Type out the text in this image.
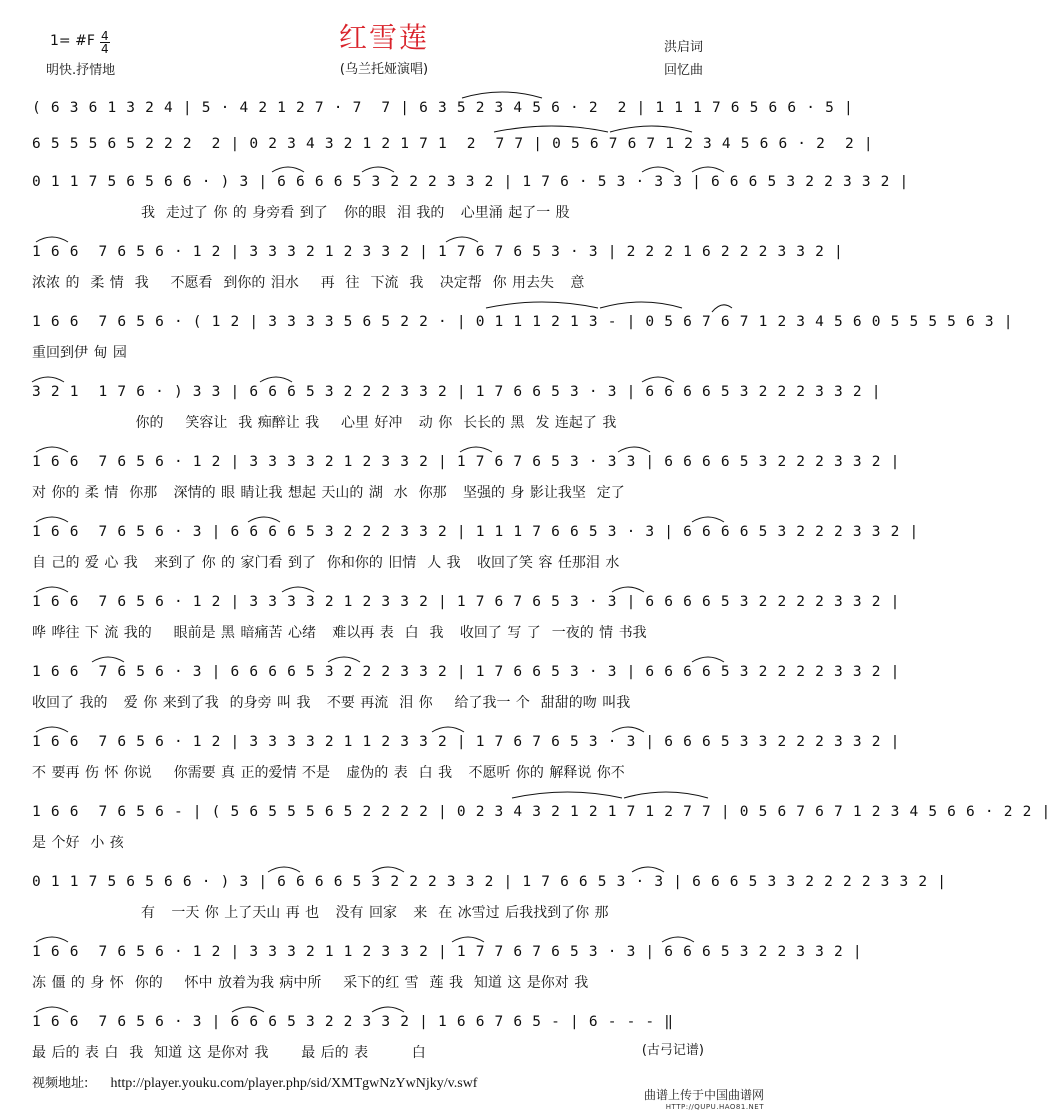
红雪莲
(乌兰托娅演唱)
1= #F $\frac{4}{4}$
明快.抒情地
洪启词
回忆曲
( 6 3 6 1 3 2 4 | 5 · 4 2 1 2 7 · 7  7 | 6 3 5 2 3 4 5 6 · 2  2 | 1 1 1 7 6 5 6 6 · 5 |
6 5 5 5 6 5 2 2 2  2 | 0 2 3 4 3 2 1 2 1 7 1  2  7 7 | 0 5 6 7 6 7 1 2 3 4 5 6 6 · 2  2 |
0 1 1 7 5 6 5 6 6 · ) 3 | 6 6 6 6 5 3 2 2 2 3 3 2 | 1 7 6 · 5 3 · 3 3 | 6 6 6 5 3 2 2 3 3 2 |
我  走过了 你 的 身旁看 到了   你的眼  泪 我的   心里涌 起了一 股
1 6 6  7 6 5 6 · 1 2 | 3 3 3 2 1 2 3 3 2 | 1 7 6 7 6 5 3 · 3 | 2 2 2 1 6 2 2 2 3 3 2 |
浓浓 的  柔 情  我    不愿看  到你的 泪水    再  往  下流  我   决定帮  你 用去失   意
1 6 6  7 6 5 6 · ( 1 2 | 3 3 3 3 5 6 5 2 2 · | 0 1 1 1 2 1 3 - | 0 5 6 7 6 7 1 2 3 4 5 6 0 5 5 5 5 6 3 |
重回到伊 甸 园
3 2 1  1 7 6 · ) 3 3 | 6 6 6 5 3 2 2 2 3 3 2 | 1 7 6 6 5 3 · 3 | 6 6 6 6 5 3 2 2 2 3 3 2 |
你的    笑容让  我 痴醉让 我    心里 好冲   动 你  长长的 黑  发 连起了 我
1 6 6  7 6 5 6 · 1 2 | 3 3 3 3 2 1 2 3 3 2 | 1 7 6 7 6 5 3 · 3 3 | 6 6 6 6 5 3 2 2 2 3 3 2 |
对 你的 柔 情  你那   深情的 眼 睛让我 想起 天山的 湖  水  你那   坚强的 身 影让我坚  定了
1 6 6  7 6 5 6 · 3 | 6 6 6 6 5 3 2 2 2 3 3 2 | 1 1 1 7 6 6 5 3 · 3 | 6 6 6 6 5 3 2 2 2 3 3 2 |
自 己的 爱 心 我   来到了 你 的 家门看 到了  你和你的 旧情  人 我   收回了笑 容 任那泪 水
1 6 6  7 6 5 6 · 1 2 | 3 3 3 3 2 1 2 3 3 2 | 1 7 6 7 6 5 3 · 3 | 6 6 6 6 5 3 2 2 2 2 3 3 2 |
哗 哗往 下 流 我的    眼前是 黑 暗痛苦 心绪   难以再 表  白  我   收回了 写 了  一夜的 情 书我
1 6 6  7 6 5 6 · 3 | 6 6 6 6 5 3 2 2 2 3 3 2 | 1 7 6 6 5 3 · 3 | 6 6 6 6 5 3 2 2 2 2 3 3 2 |
收回了 我的   爱 你 来到了我  的身旁 叫 我   不要 再流  泪 你    给了我一 个  甜甜的吻 叫我
1 6 6  7 6 5 6 · 1 2 | 3 3 3 3 2 1 1 2 3 3 2 | 1 7 6 7 6 5 3 · 3 | 6 6 6 5 3 3 2 2 2 3 3 2 |
不 要再 伤 怀 你说    你需要 真 正的爱情 不是   虚伪的 表  白 我   不愿听 你的 解释说 你不
1 6 6  7 6 5 6 - | ( 5 6 5 5 5 6 5 2 2 2 2 | 0 2 3 4 3 2 1 2 1 7 1 2 7 7 | 0 5 6 7 6 7 1 2 3 4 5 6 6 · 2 2 |
是 个好  小 孩
0 1 1 7 5 6 5 6 6 · ) 3 | 6 6 6 6 5 3 2 2 2 3 3 2 | 1 7 6 6 5 3 · 3 | 6 6 6 5 3 3 2 2 2 2 3 3 2 |
有   一天 你 上了天山 再 也   没有 回家   来  在 冰雪过 后我找到了你 那
1 6 6  7 6 5 6 · 1 2 | 3 3 3 2 1 1 2 3 3 2 | 1 7 7 6 7 6 5 3 · 3 | 6 6 6 5 3 2 2 3 3 2 |
冻 僵 的 身 怀  你的    怀中 放着为我 病中所    采下的红 雪  莲 我  知道 这 是你对 我
1 6 6  7 6 5 6 · 3 | 6 6 6 5 3 2 2 3 3 2 | 1 6 6 7 6 5 - | 6 - - - ‖
最 后的 表 白  我  知道 这 是你对 我      最 后的 表        白	(古弓记谱)
视频地址: http://player.youku.com/player.php/sid/XMTgwNzYwNjky/v.swf
曲谱上传于中国曲谱网
HTTP://QUPU.HAO81.NET
